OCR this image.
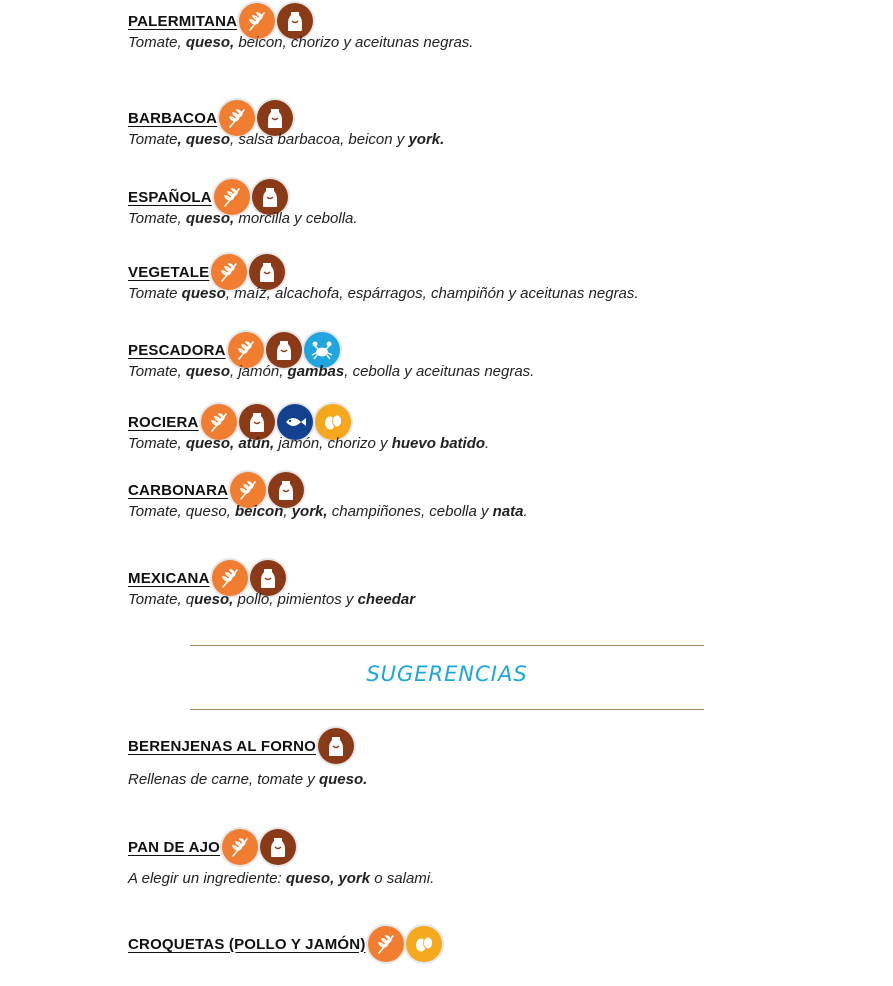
PALERMITANA
Tomate, queso, beicon, chorizo y aceitunas negras.
BARBACOA
Tomate, queso, salsa barbacoa, beicon y york.
ESPAÑOLA
Tomate, queso, morcilla y cebolla.
VEGETALE
Tomate queso, maíz, alcachofa, espárragos, champiñón y aceitunas negras.
PESCADORA
Tomate, queso, jamón, gambas, cebolla y aceitunas negras.
ROCIERA
Tomate, queso, atún, jamón, chorizo y huevo batido.
CARBONARA
Tomate, queso, beicon, york, champiñones, cebolla y nata.
MEXICANA
Tomate, queso, pollo, pimientos y cheedar
SUGERENCIAS
BERENJENAS AL FORNO
Rellenas de carne, tomate y queso.
PAN DE AJO
A elegir un ingrediente: queso, york o salami.
CROQUETAS (POLLO Y JAMÓN)
